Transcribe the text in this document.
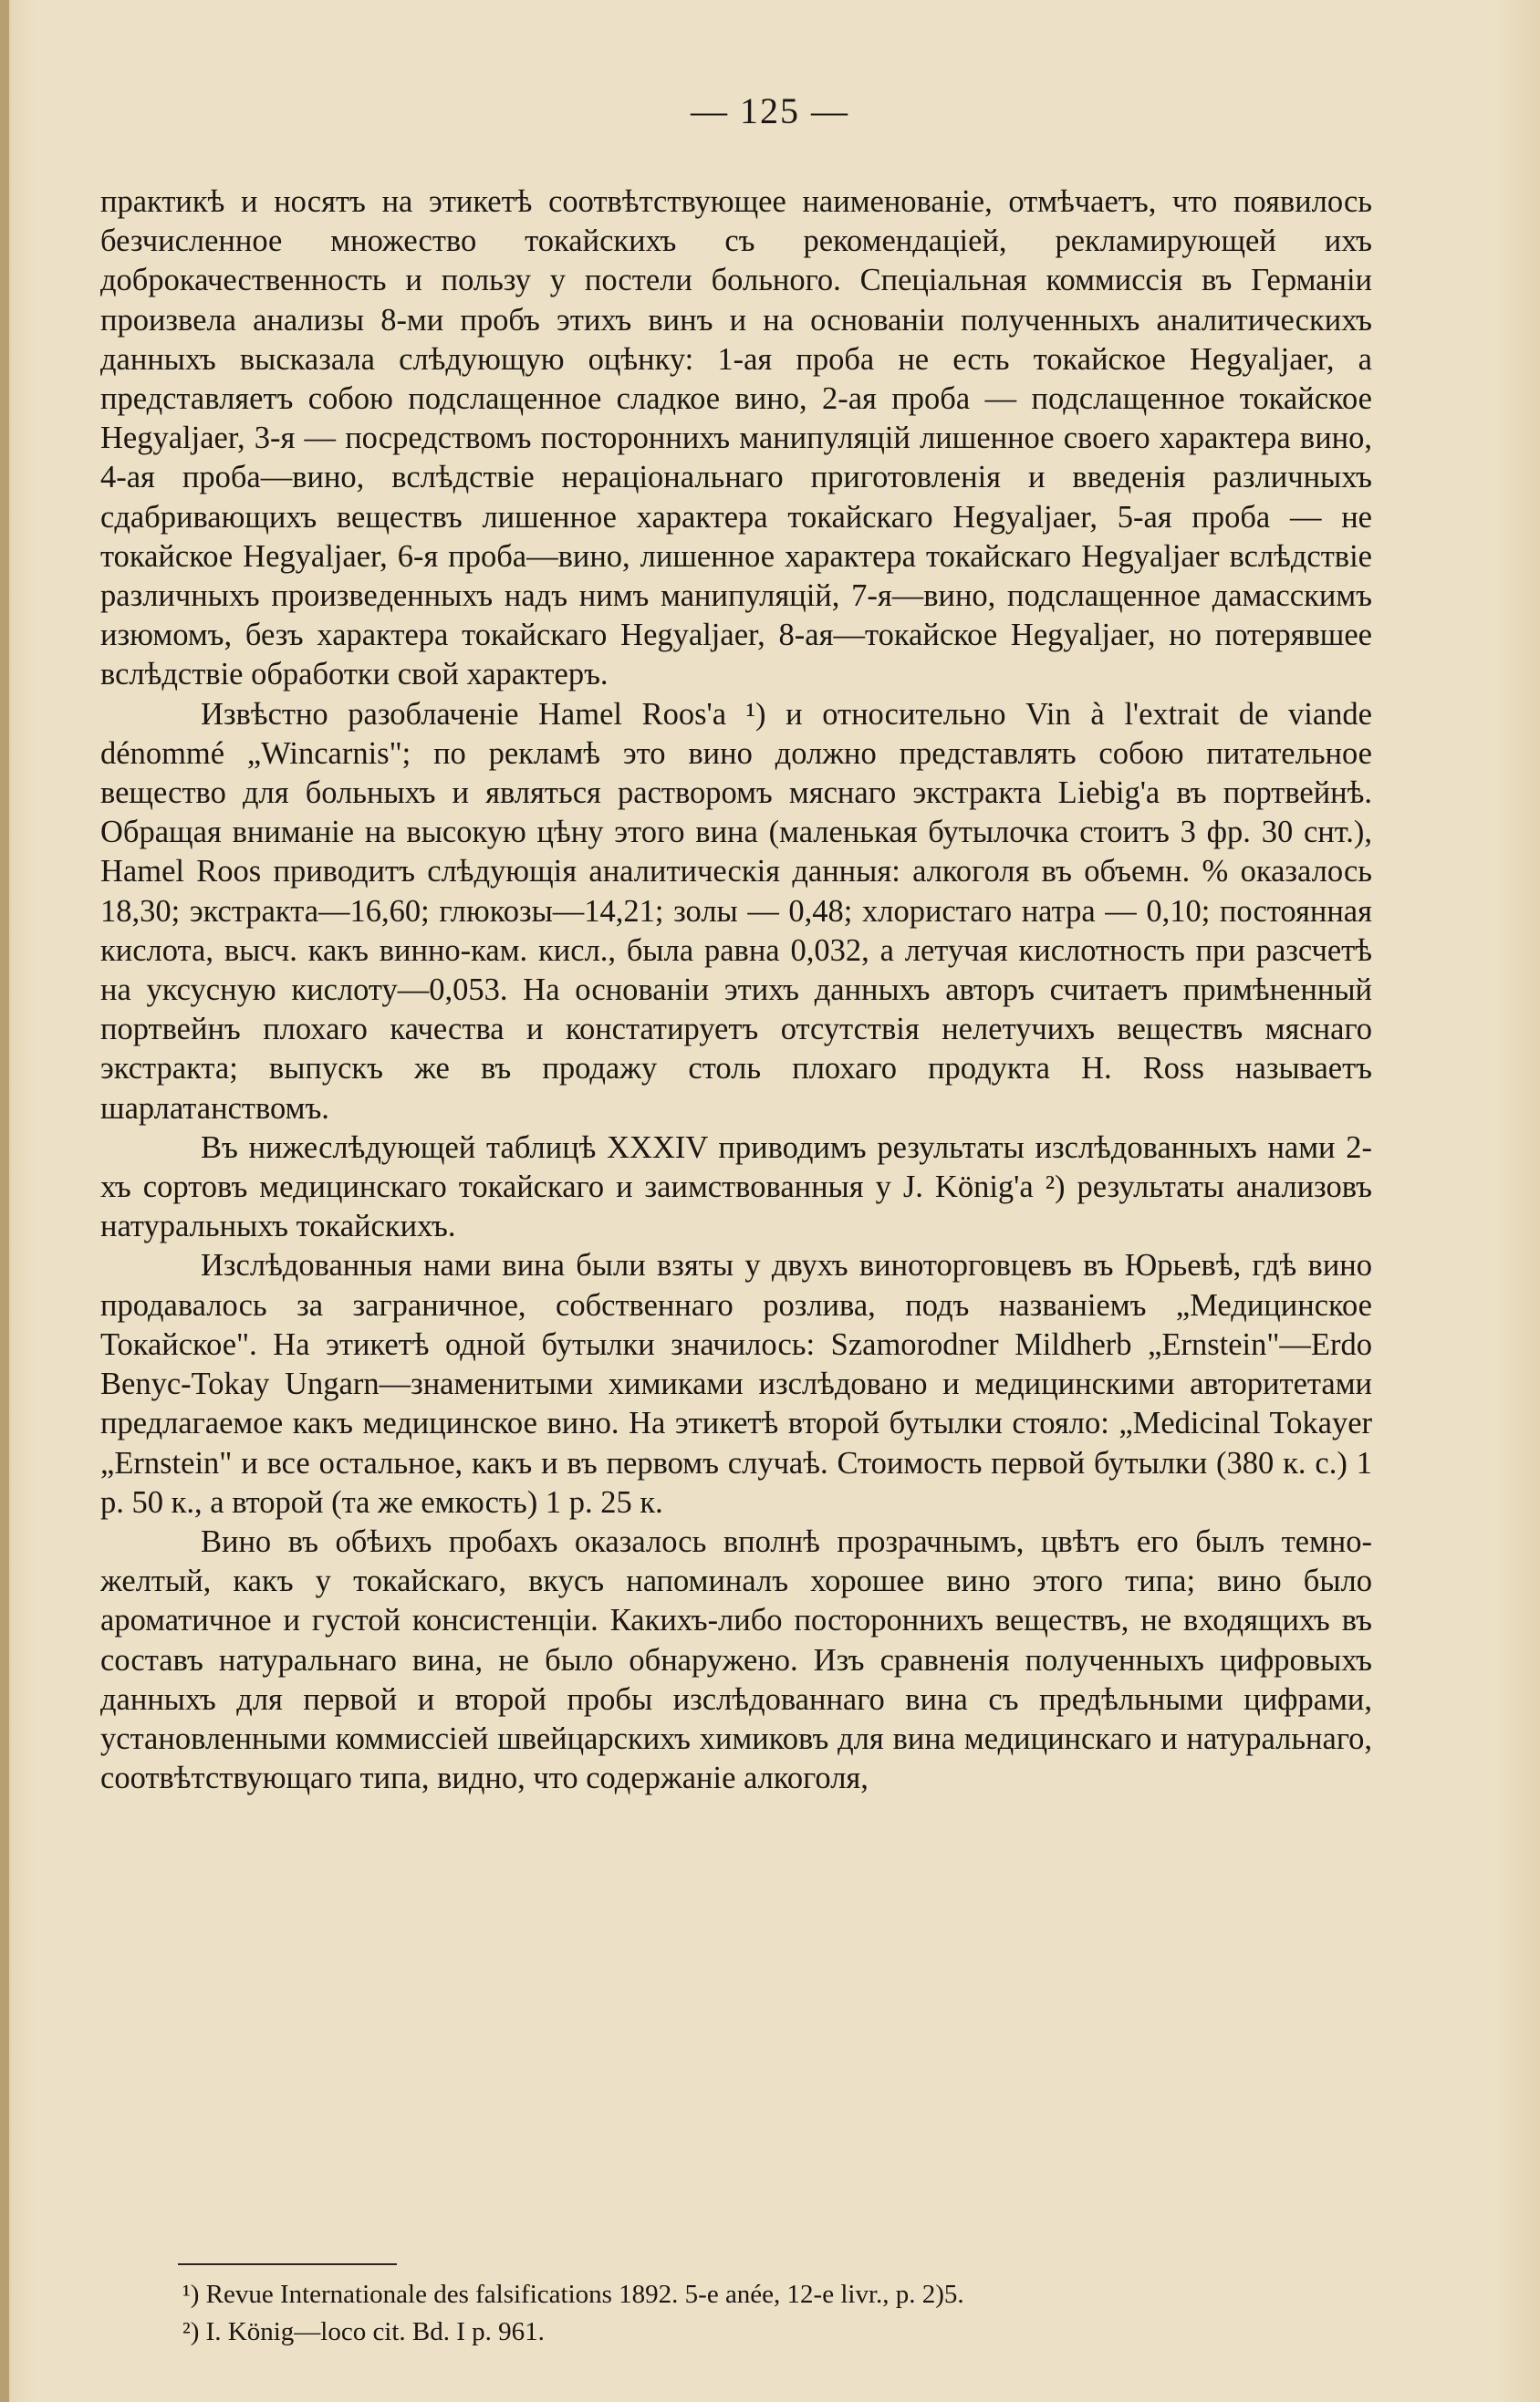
— 125 —

практикѣ и носятъ на этикетѣ соотвѣтствующее наименованіе, отмѣчаетъ, что появилось безчисленное множество токайскихъ съ рекомендаціей, рекламирующей ихъ доброкачественность и пользу у постели больного. Спеціальная коммиссія въ Германіи произвела анализы 8-ми пробъ этихъ винъ и на основаніи полученныхъ аналитическихъ данныхъ высказала слѣдующую оцѣнку: 1-ая проба не есть токайское Hegyaljaer, а представляетъ собою подслащенное сладкое вино, 2-ая проба — подслащенное токайское Hegyaljaer, 3-я — посредствомъ постороннихъ манипуляцій лишенное своего характера вино, 4-ая проба—вино, вслѣдствіе нераціональнаго приготовленія и введенія различныхъ сдабривающихъ веществъ лишенное характера токайскаго Hegyaljaer, 5-ая проба — не токайское Hegyaljaer, 6-я проба—вино, лишенное характера токайскаго Hegyaljaer вслѣдствіе различныхъ произведенныхъ надъ нимъ манипуляцій, 7-я—вино, подслащенное дамасскимъ изюмомъ, безъ характера токайскаго Hegyaljaer, 8-ая—токайское Hegyaljaer, но потерявшее вслѣдствіе обработки свой характеръ.

Извѣстно разоблаченіе Hamel Roos'а ¹) и относительно Vin à l'extrait de viande dénommé „Wincarnis"; по рекламѣ это вино должно представлять собою питательное вещество для больныхъ и являться растворомъ мяснаго экстракта Liebig'а въ портвейнѣ. Обращая вниманіе на высокую цѣну этого вина (маленькая бутылочка стоитъ 3 фр. 30 снт.), Hamel Roos приводитъ слѣдующія аналитическія данныя: алкоголя въ объемн. % оказалось 18,30; экстракта—16,60; глюкозы—14,21; золы — 0,48; хлористаго натра — 0,10; постоянная кислота, высч. какъ винно-кам. кисл., была равна 0,032, а летучая кислотность при разсчетѣ на уксусную кислоту—0,053. На основаніи этихъ данныхъ авторъ считаетъ примѣненный портвейнъ плохаго качества и констатируетъ отсутствія нелетучихъ веществъ мяснаго экстракта; выпускъ же въ продажу столь плохаго продукта H. Ross называетъ шарлатанствомъ.

Въ нижеслѣдующей таблицѣ XXXIV приводимъ результаты изслѣдованныхъ нами 2-хъ сортовъ медицинскаго токайскаго и заимствованныя у J. König'а ²) результаты анализовъ натуральныхъ токайскихъ.

Изслѣдованныя нами вина были взяты у двухъ виноторговцевъ въ Юрьевѣ, гдѣ вино продавалось за заграничное, собственнаго розлива, подъ названіемъ „Медицинское Токайское". На этикетѣ одной бутылки значилось: Szamorodner Mildherb „Ernstein"—Erdo Benyc-Tokay Ungarn—знаменитыми химиками изслѣдовано и медицинскими авторитетами предлагаемое какъ медицинское вино. На этикетѣ второй бутылки стояло: „Medicinal Tokayer „Ernstein" и все остальное, какъ и въ первомъ случаѣ. Стоимость первой бутылки (380 к. с.) 1 р. 50 к., а второй (та же емкость) 1 р. 25 к.

Вино въ обѣихъ пробахъ оказалось вполнѣ прозрачнымъ, цвѣтъ его былъ темно-желтый, какъ у токайскаго, вкусъ напоминалъ хорошее вино этого типа; вино было ароматичное и густой консистенціи. Какихъ-либо постороннихъ веществъ, не входящихъ въ составъ натуральнаго вина, не было обнаружено. Изъ сравненія полученныхъ цифровыхъ данныхъ для первой и второй пробы изслѣдованнаго вина съ предѣльными цифрами, установленными коммиссіей швейцарскихъ химиковъ для вина медицинскаго и натуральнаго, соотвѣтствующаго типа, видно, что содержаніе алкоголя,

¹) Revue Internationale des falsifications 1892. 5-e anée, 12-e livr., p. 2)5.

²) I. König—loco cit. Bd. I p. 961.
